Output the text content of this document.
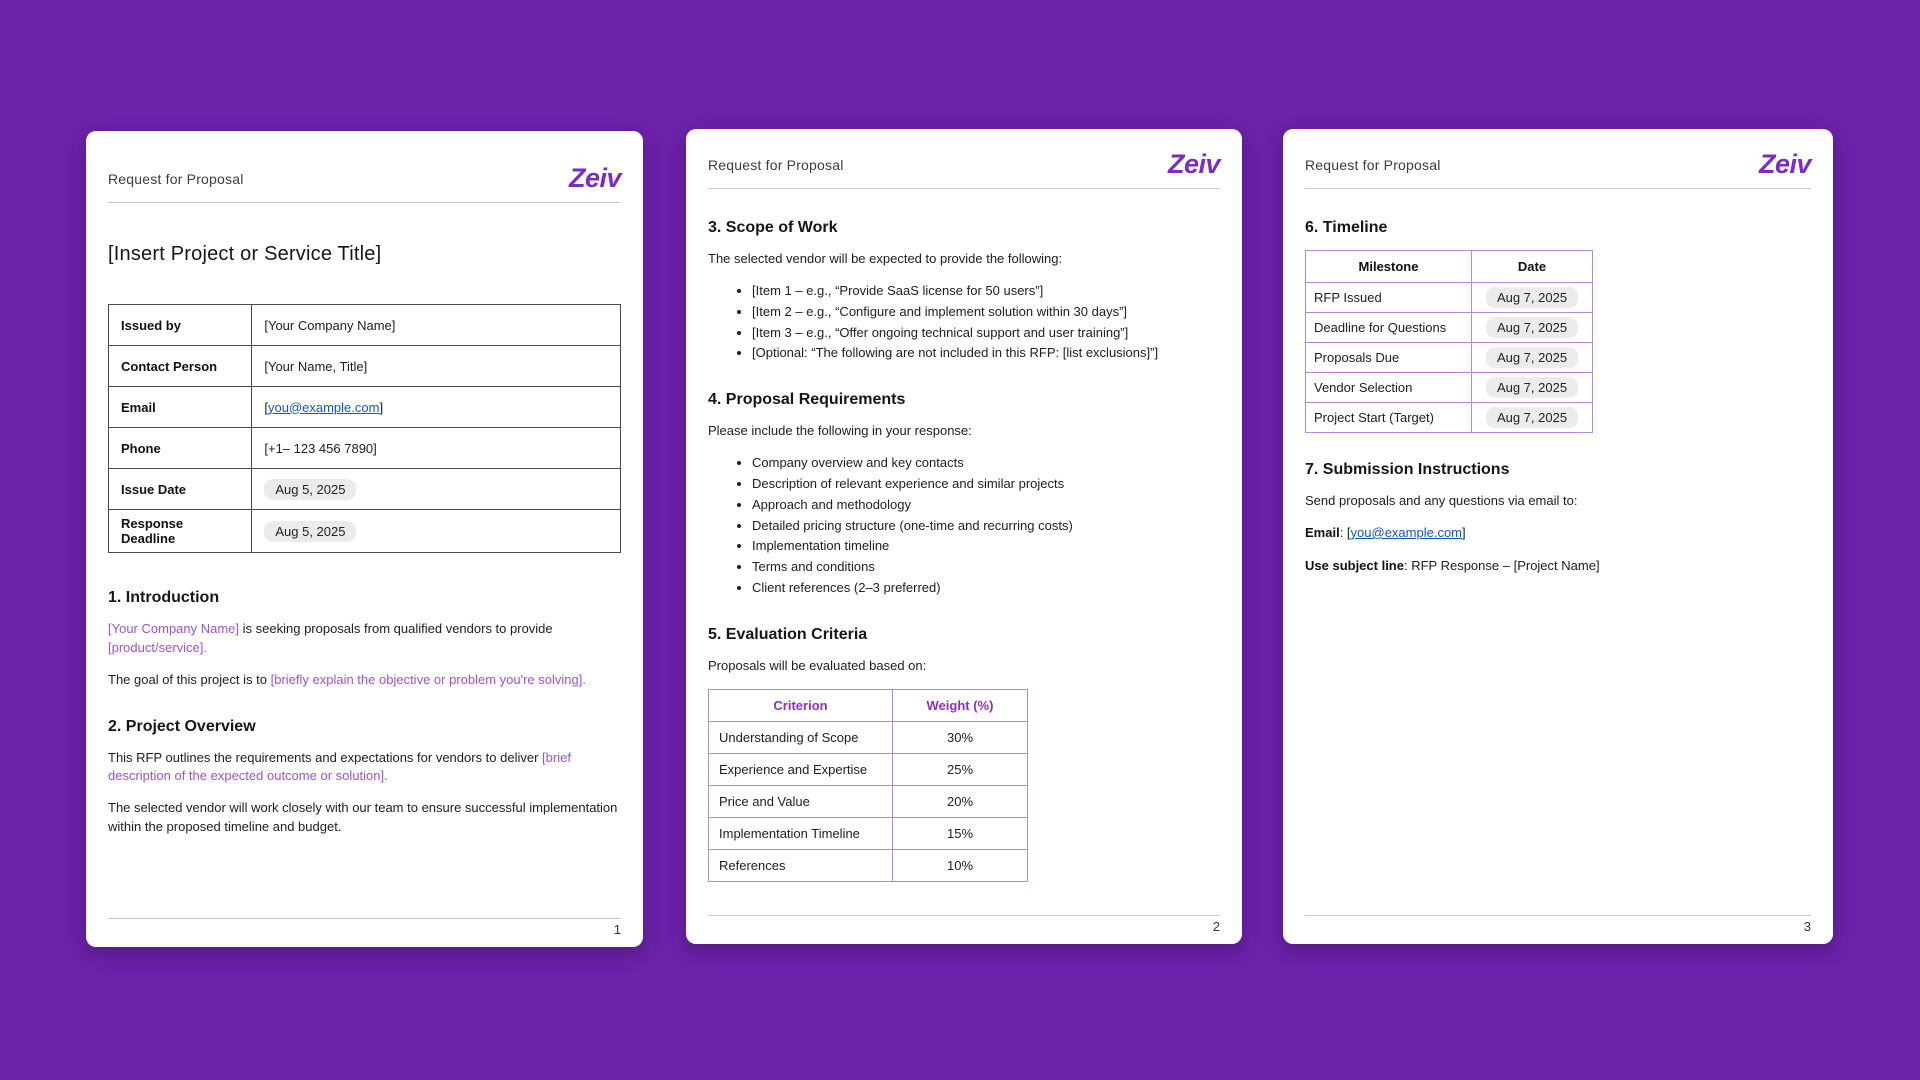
Request for Proposal	Zeiv
[Insert Project or Service Title]
Issued by	[Your Company Name]
Contact Person	[Your Name, Title]
Email	[you@example.com]
Phone	[+1– 123 456 7890]
Issue Date	Aug 5, 2025
Response Deadline	Aug 5, 2025
1. Introduction

[Your Company Name] is seeking proposals from qualified vendors to provide [product/service].

The goal of this project is to [briefly explain the objective or problem you're solving].

2. Project Overview

This RFP outlines the requirements and expectations for vendors to deliver [brief description of the expected outcome or solution].

The selected vendor will work closely with our team to ensure successful implementation within the proposed timeline and budget.

1
Request for Proposal	Zeiv
3. Scope of Work

The selected vendor will be expected to provide the following:

• [Item 1 – e.g., “Provide SaaS license for 50 users”]
• [Item 2 – e.g., “Configure and implement solution within 30 days”]
• [Item 3 – e.g., “Offer ongoing technical support and user training”]
• [Optional: “The following are not included in this RFP: [list exclusions]”]
4. Proposal Requirements

Please include the following in your response:

• Company overview and key contacts
• Description of relevant experience and similar projects
• Approach and methodology
• Detailed pricing structure (one-time and recurring costs)
• Implementation timeline
• Terms and conditions
• Client references (2–3 preferred)
5. Evaluation Criteria

Proposals will be evaluated based on:

Criterion	Weight (%)
Understanding of Scope	30%
Experience and Expertise	25%
Price and Value	20%
Implementation Timeline	15%
References	10%
2
Request for Proposal	Zeiv
6. Timeline
Milestone	Date
RFP Issued	Aug 7, 2025
Deadline for Questions	Aug 7, 2025
Proposals Due	Aug 7, 2025
Vendor Selection	Aug 7, 2025
Project Start (Target)	Aug 7, 2025
7. Submission Instructions

Send proposals and any questions via email to:

Email: [you@example.com]

Use subject line: RFP Response – [Project Name]

3
